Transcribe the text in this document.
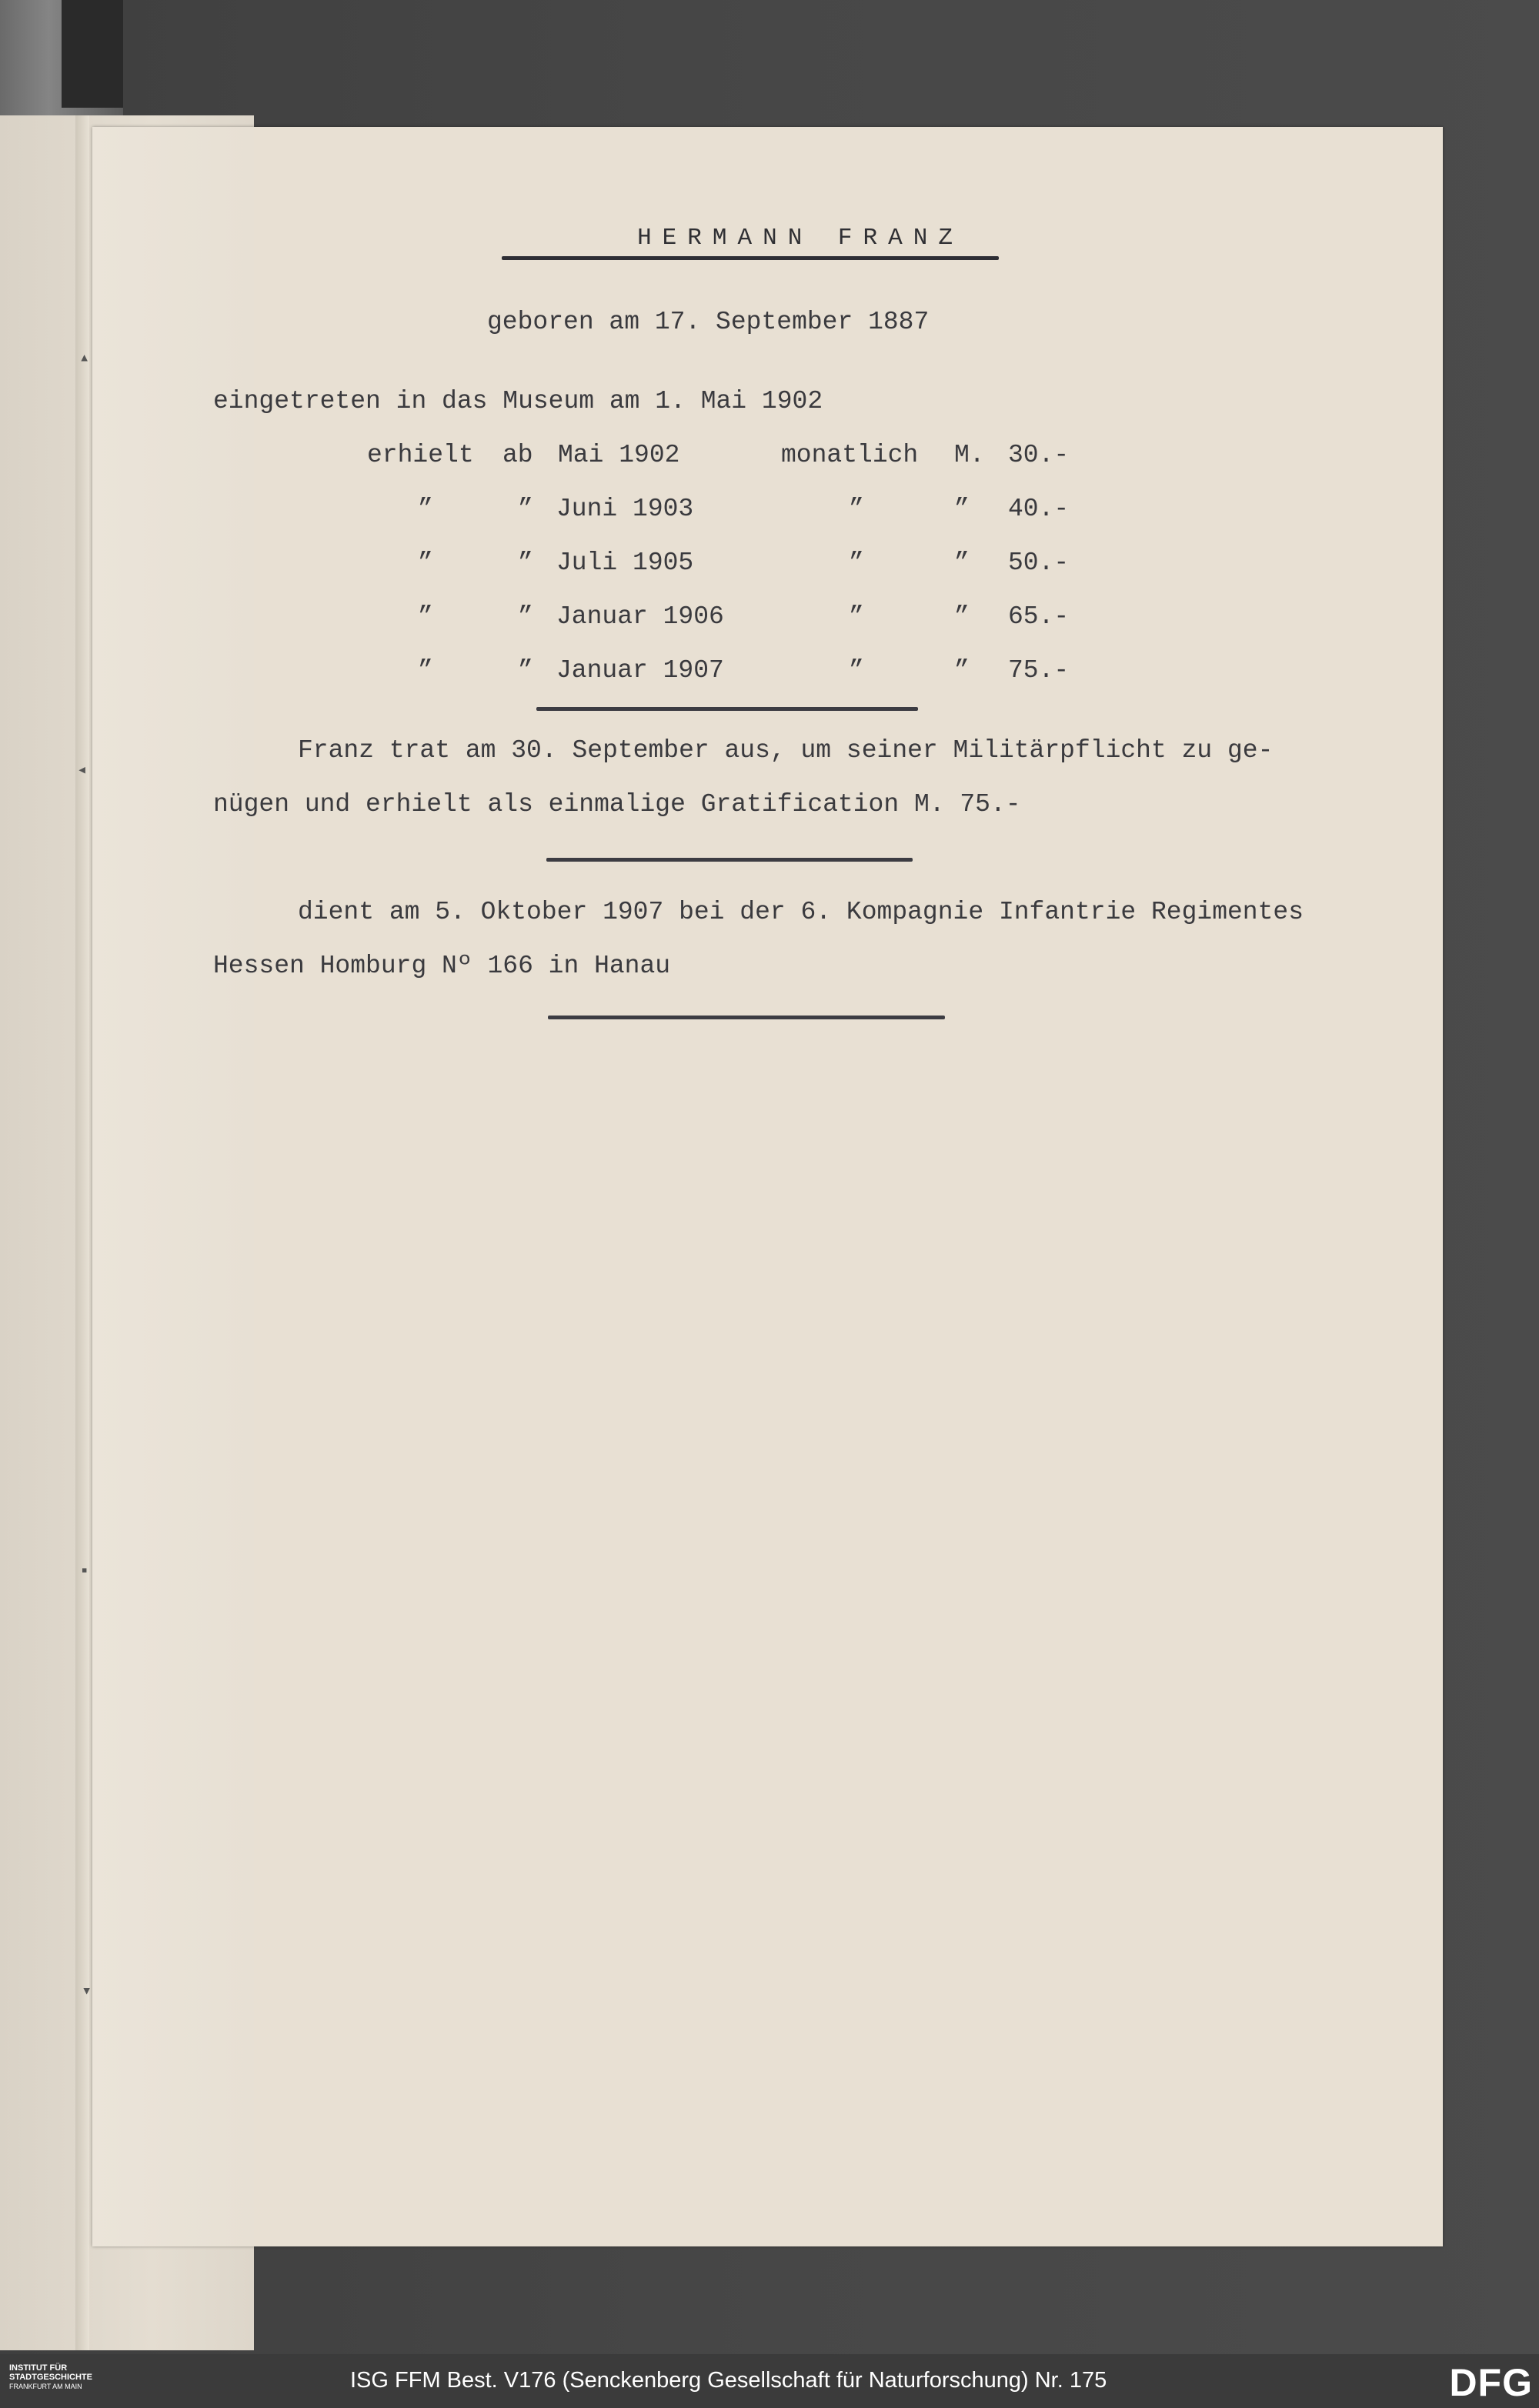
▴
◂
▪
▾
HERMANN FRANZ
geboren am 17. September 1887
eingetreten in das Museum am 1. Mai 1902
erhielt ab Mai 1902	monatlich M. 30.-
”	” Juni 1903	”	” 40.-
”	” Juli 1905	”	” 50.-
”	” Januar 1906	”	” 65.-
”	” Januar 1907	”	” 75.-
Franz trat am 30. September aus, um seiner Militärpflicht zu ge-
nügen und erhielt als einmalige Gratification M. 75.-
dient am 5. Oktober 1907 bei der 6. Kompagnie Infantrie Regimentes
Hessen Homburg Nº 166 in Hanau
INSTITUT FÜR
STADTGESCHICHTE
FRANKFURT AM MAIN	ISG FFM Best. V176 (Senckenberg Gesellschaft für Naturforschung) Nr. 175	DFG
